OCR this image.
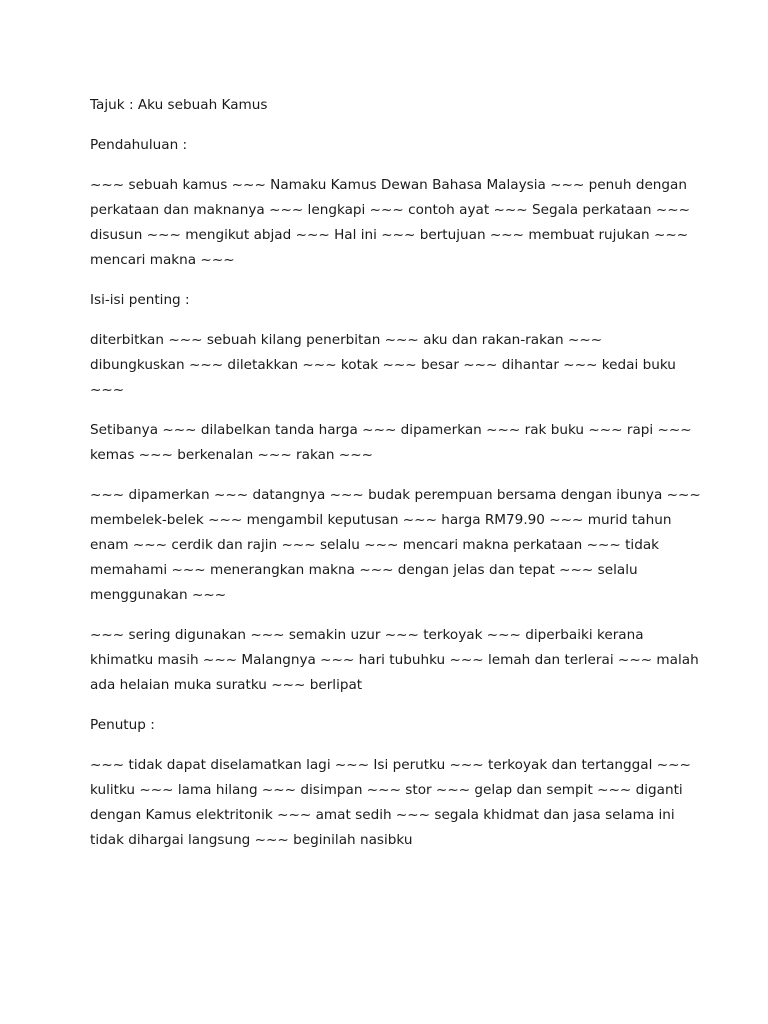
Tajuk : Aku sebuah Kamus

Pendahuluan :

~~~ sebuah kamus ~~~ Namaku Kamus Dewan Bahasa Malaysia ~~~ penuh dengan
perkataan dan maknanya ~~~ lengkapi ~~~ contoh ayat ~~~ Segala perkataan ~~~
disusun ~~~ mengikut abjad ~~~ Hal ini ~~~ bertujuan ~~~ membuat rujukan ~~~
mencari makna ~~~

Isi-isi penting :

diterbitkan ~~~ sebuah kilang penerbitan ~~~ aku dan rakan-rakan ~~~
dibungkuskan ~~~ diletakkan ~~~ kotak ~~~ besar ~~~ dihantar ~~~ kedai buku
~~~

Setibanya ~~~ dilabelkan tanda harga ~~~ dipamerkan ~~~ rak buku ~~~ rapi ~~~
kemas ~~~ berkenalan ~~~ rakan ~~~

~~~ dipamerkan ~~~ datangnya ~~~ budak perempuan bersama dengan ibunya ~~~
membelek-belek ~~~ mengambil keputusan ~~~ harga RM79.90 ~~~ murid tahun
enam ~~~ cerdik dan rajin ~~~ selalu ~~~ mencari makna perkataan ~~~ tidak
memahami ~~~ menerangkan makna ~~~ dengan jelas dan tepat ~~~ selalu
menggunakan ~~~

~~~ sering digunakan ~~~ semakin uzur ~~~ terkoyak ~~~ diperbaiki kerana
khimatku masih ~~~ Malangnya ~~~ hari tubuhku ~~~ lemah dan terlerai ~~~ malah
ada helaian muka suratku ~~~ berlipat

Penutup :

~~~ tidak dapat diselamatkan lagi ~~~ Isi perutku ~~~ terkoyak dan tertanggal ~~~
kulitku ~~~ lama hilang ~~~ disimpan ~~~ stor ~~~ gelap dan sempit ~~~ diganti
dengan Kamus elektritonik ~~~ amat sedih ~~~ segala khidmat dan jasa selama ini
tidak dihargai langsung ~~~ beginilah nasibku
